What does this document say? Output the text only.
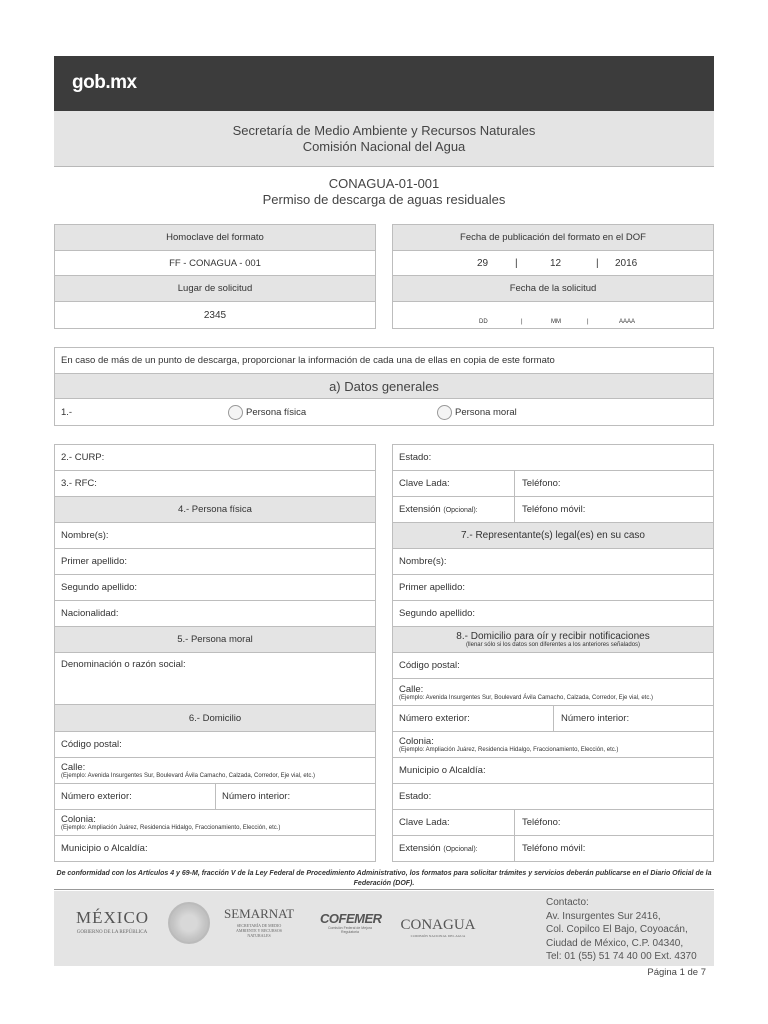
gob.mx
Secretaría de Medio Ambiente y Recursos Naturales
Comisión Nacional del Agua
CONAGUA-01-001
Permiso de descarga de aguas residuales
Homoclave del formato
FF - CONAGUA - 001
Lugar de solicitud
2345
Fecha de publicación del formato en el DOF
29	|	12	| 2016
Fecha de la solicitud
DD	|	MM	|	AAAA
En caso de más de un punto de descarga, proporcionar la información de cada una de ellas en copia de este formato
a) Datos generales
1.-	Persona física	Persona moral
2.- CURP:
3.- RFC:
4.- Persona física
Nombre(s):
Primer apellido:
Segundo apellido:
Nacionalidad:
5.- Persona moral
Denominación o razón social:
6.- Domicilio
Código postal:
Calle:
(Ejemplo: Avenida Insurgentes Sur, Boulevard Ávila Camacho, Calzada, Corredor, Eje vial, etc.)
Número exterior:	Número interior:
Colonia:
(Ejemplo: Ampliación Juárez, Residencia Hidalgo, Fraccionamiento, Elección, etc.)
Municipio o Alcaldía:
Estado:
Clave Lada:	Teléfono:
Extensión (Opcional):	Teléfono móvil:
7.- Representante(s) legal(es) en su caso
Nombre(s):
Primer apellido:
Segundo apellido:
8.- Domicilio para oír y recibir notificaciones
(llenar sólo si los datos son diferentes a los anteriores señalados)
Código postal:
Calle:
(Ejemplo: Avenida Insurgentes Sur, Boulevard Ávila Camacho, Calzada, Corredor, Eje vial, etc.)
Número exterior:	Número interior:
Colonia:
(Ejemplo: Ampliación Juárez, Residencia Hidalgo, Fraccionamiento, Elección, etc.)
Municipio o Alcaldía:
Estado:
Clave Lada:	Teléfono:
Extensión (Opcional):	Teléfono móvil:
De conformidad con los Artículos 4 y 69-M, fracción V de la Ley Federal de Procedimiento Administrativo, los formatos para solicitar trámites y servicios deberán publicarse en el Diario Oficial de la Federación (DOF).
MÉXICO
GOBIERNO DE LA REPÚBLICA
SEMARNAT
SECRETARÍA DE MEDIO AMBIENTE Y RECURSOS NATURALES
COFEMER
Comisión Federal de Mejora Regulatoria	CONAGUA
COMISIÓN NACIONAL DEL AGUA
Contacto:
Av. Insurgentes Sur 2416,
Col. Copilco El Bajo, Coyoacán,
Ciudad de México, C.P. 04340,
Tel: 01 (55) 51 74 40 00 Ext. 4370
Página 1 de 7
